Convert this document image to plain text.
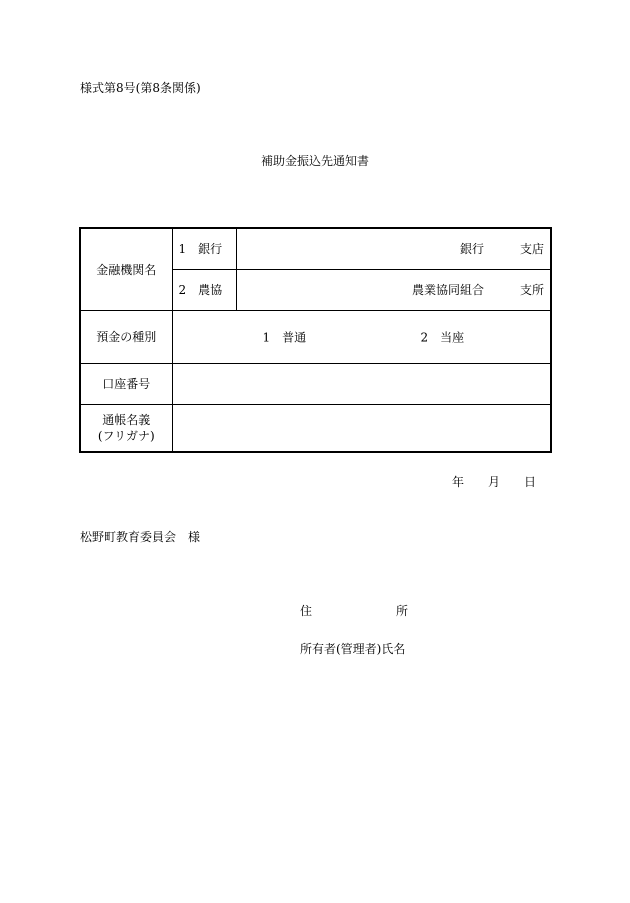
様式第8号(第8条関係)
補助金振込先通知書
金融機関名	1 銀行	銀行 支店
	2 農協	農業協同組合 支所
預金の種別	1 普通 2 当座	

口座番号		

通帳名義
(フリガナ)		

年 月 日
松野町教育委員会　様
住	所
所有者(管理者)氏名
